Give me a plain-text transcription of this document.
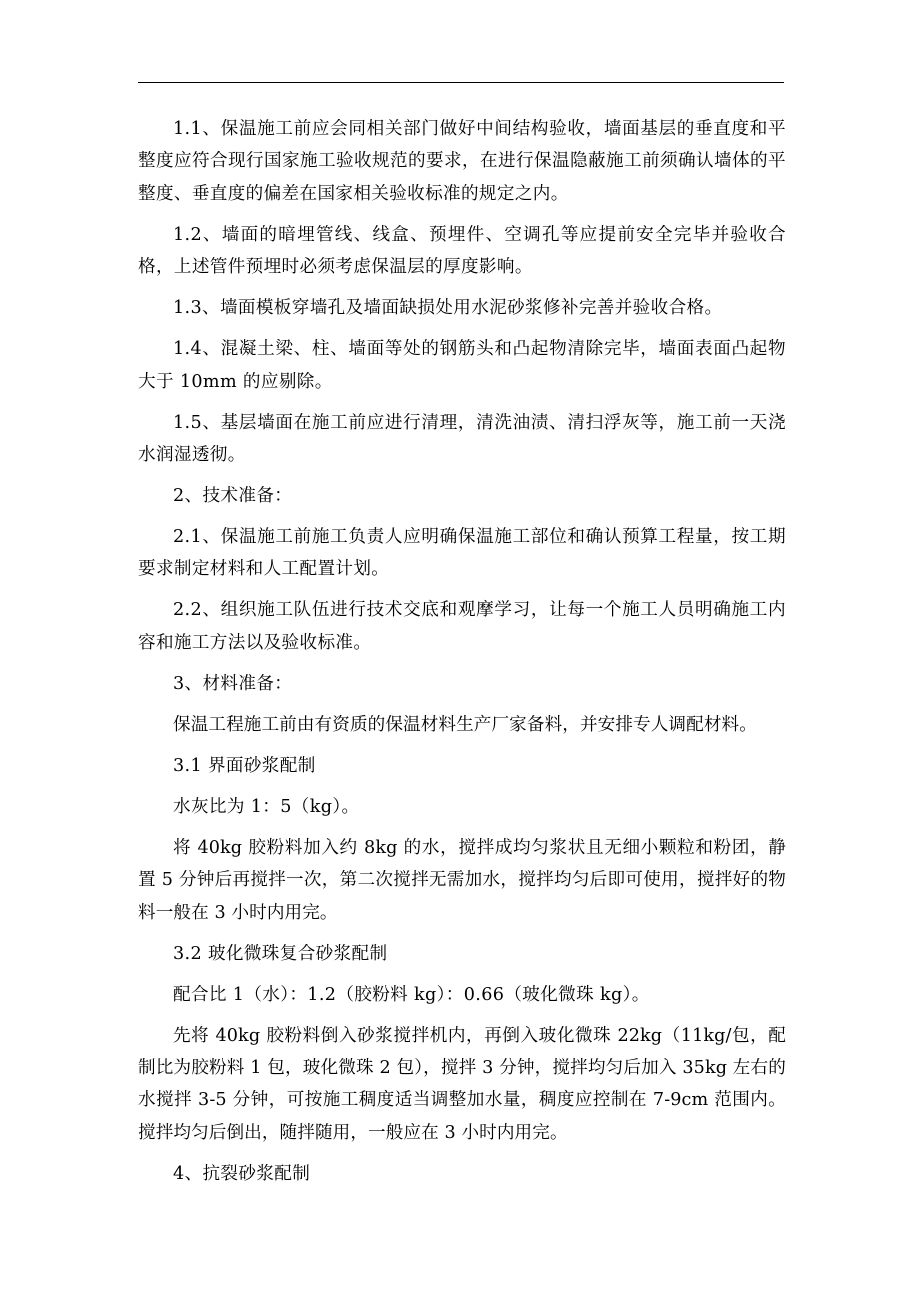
1.1、保温施工前应会同相关部门做好中间结构验收，墙面基层的垂直度和平整度应符合现行国家施工验收规范的要求，在进行保温隐蔽施工前须确认墙体的平整度、垂直度的偏差在国家相关验收标准的规定之内。

1.2、墙面的暗埋管线、线盒、预埋件、空调孔等应提前安全完毕并验收合格，上述管件预埋时必须考虑保温层的厚度影响。

1.3、墙面模板穿墙孔及墙面缺损处用水泥砂浆修补完善并验收合格。

1.4、混凝土梁、柱、墙面等处的钢筋头和凸起物清除完毕，墙面表面凸起物大于 10mm 的应剔除。

1.5、基层墙面在施工前应进行清理，清洗油渍、清扫浮灰等，施工前一天浇水润湿透彻。

2、技术准备：

2.1、保温施工前施工负责人应明确保温施工部位和确认预算工程量，按工期要求制定材料和人工配置计划。

2.2、组织施工队伍进行技术交底和观摩学习，让每一个施工人员明确施工内容和施工方法以及验收标准。

3、材料准备：

保温工程施工前由有资质的保温材料生产厂家备料，并安排专人调配材料。

3.1 界面砂浆配制

水灰比为 1：5（kg）。

将 40kg 胶粉料加入约 8kg 的水，搅拌成均匀浆状且无细小颗粒和粉团，静置 5 分钟后再搅拌一次，第二次搅拌无需加水，搅拌均匀后即可使用，搅拌好的物料一般在 3 小时内用完。

3.2 玻化微珠复合砂浆配制

配合比 1（水）：1.2（胶粉料 kg）：0.66（玻化微珠 kg）。

先将 40kg 胶粉料倒入砂浆搅拌机内，再倒入玻化微珠 22kg（11kg/包，配制比为胶粉料 1 包，玻化微珠 2 包），搅拌 3 分钟，搅拌均匀后加入 35kg 左右的水搅拌 3-5 分钟，可按施工稠度适当调整加水量，稠度应控制在 7-9cm 范围内。搅拌均匀后倒出，随拌随用，一般应在 3 小时内用完。

4、抗裂砂浆配制
